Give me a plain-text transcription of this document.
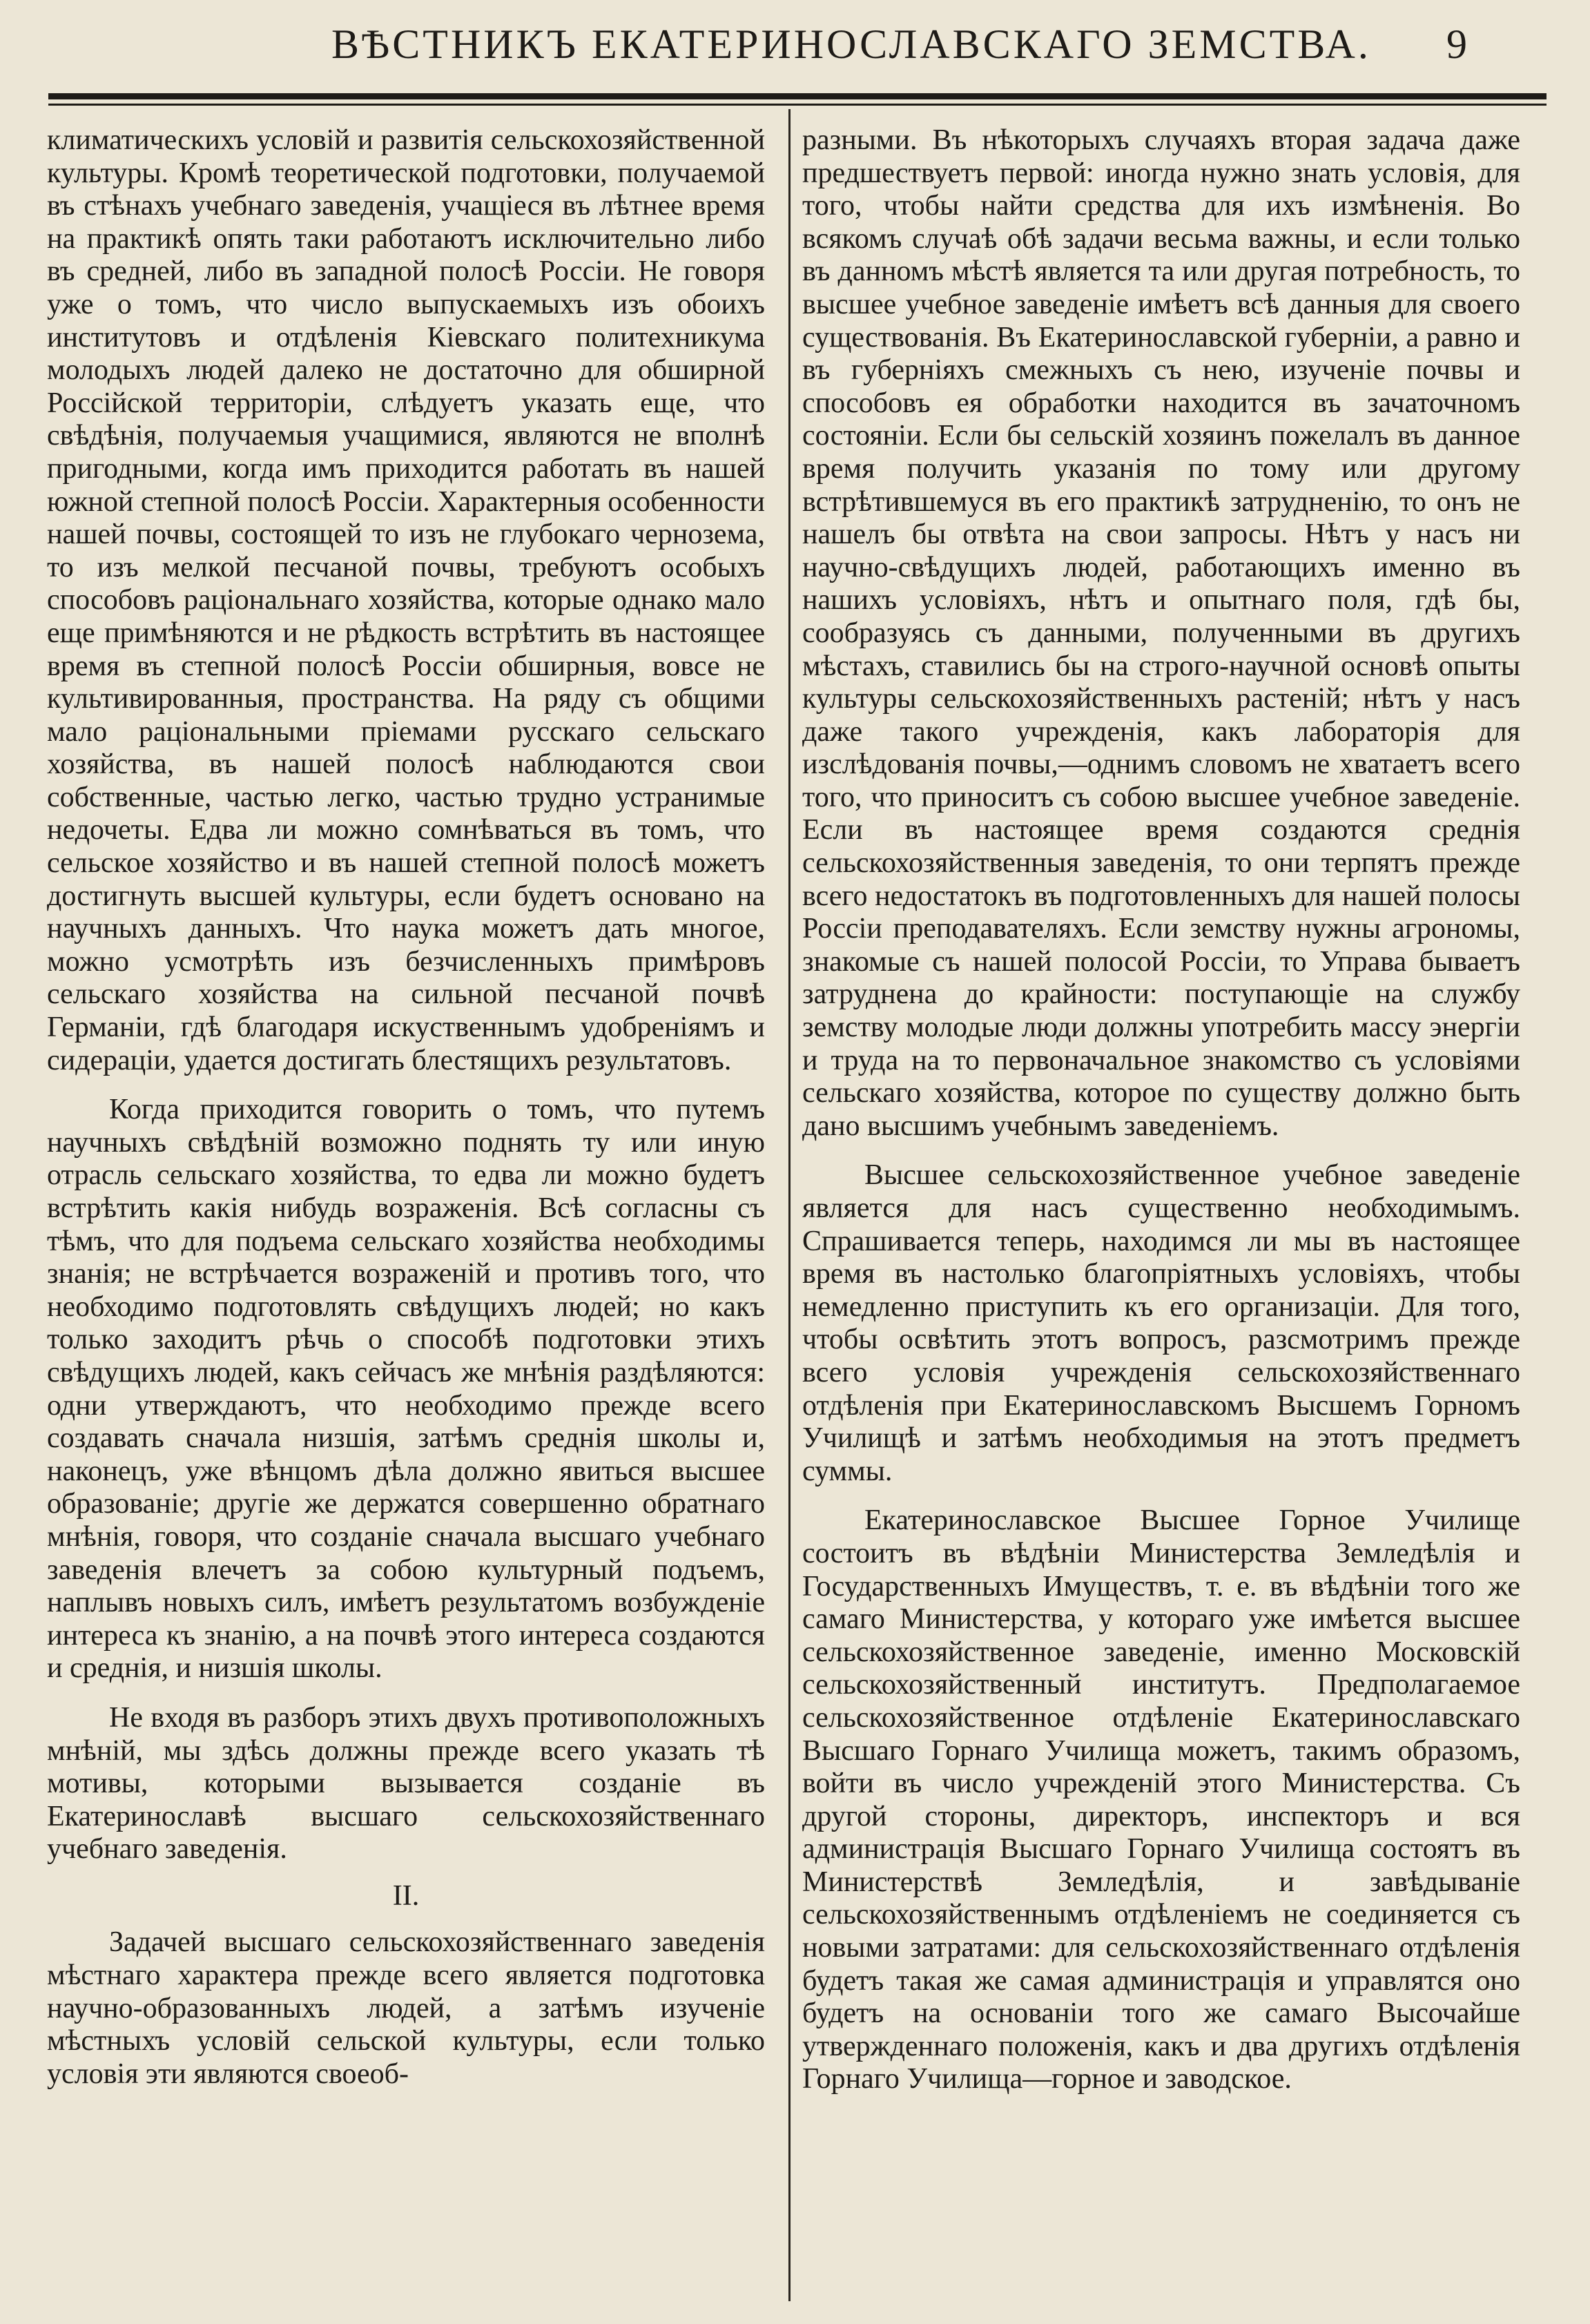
ВѢСТНИКЪ ЕКАТЕРИНОСЛАВСКАГО ЗЕМСТВА. 9

климатическихъ условій и развитія сельскохозяйственной культуры. Кромѣ теоретической подготовки, получаемой въ стѣнахъ учебнаго заведенія, учащіеся въ лѣтнее время на практикѣ опять таки работаютъ исключительно либо въ средней, либо въ западной полосѣ Россіи. Не говоря уже о томъ, что число выпускаемыхъ изъ обоихъ институтовъ и отдѣленія Кіевскаго политехникума молодыхъ людей далеко не достаточно для обширной Россійской территоріи, слѣдуетъ указать еще, что свѣдѣнія, получаемыя учащимися, являются не вполнѣ пригодными, когда имъ приходится работать въ нашей южной степной полосѣ Россіи. Характерныя особенности нашей почвы, состоящей то изъ не глубокаго чернозема, то изъ мелкой песчаной почвы, требуютъ особыхъ способовъ раціональнаго хозяйства, которые однако мало еще примѣняются и не рѣдкость встрѣтить въ настоящее время въ степной полосѣ Россіи обширныя, вовсе не культивированныя, пространства. На ряду съ общими мало раціональными пріемами русскаго сельскаго хозяйства, въ нашей полосѣ наблюдаются свои собственные, частью легко, частью трудно устранимые недочеты. Едва ли можно сомнѣваться въ томъ, что сельское хозяйство и въ нашей степной полосѣ можетъ достигнуть высшей культуры, если будетъ основано на научныхъ данныхъ. Что наука можетъ дать многое, можно усмотрѣть изъ безчисленныхъ примѣровъ сельскаго хозяйства на сильной песчаной почвѣ Германіи, гдѣ благодаря искуственнымъ удобреніямъ и сидераціи, удается достигать блестящихъ результатовъ.

Когда приходится говорить о томъ, что путемъ научныхъ свѣдѣній возможно поднять ту или иную отрасль сельскаго хозяйства, то едва ли можно будетъ встрѣтить какія нибудь возраженія. Всѣ согласны съ тѣмъ, что для подъема сельскаго хозяйства необходимы знанія; не встрѣчается возраженій и противъ того, что необходимо подготовлять свѣдущихъ людей; но какъ только заходитъ рѣчь о способѣ подготовки этихъ свѣдущихъ людей, какъ сейчасъ же мнѣнія раздѣляются: одни утверждаютъ, что необходимо прежде всего создавать сначала низшія, затѣмъ среднія школы и, наконецъ, уже вѣнцомъ дѣла должно явиться высшее образованіе; другіе же держатся совершенно обратнаго мнѣнія, говоря, что созданіе сначала высшаго учебнаго заведенія влечетъ за собою культурный подъемъ, наплывъ новыхъ силъ, имѣетъ результатомъ возбужденіе интереса къ знанію, а на почвѣ этого интереса создаются и среднія, и низшія школы.

Не входя въ разборъ этихъ двухъ противоположныхъ мнѣній, мы здѣсь должны прежде всего указать тѣ мотивы, которыми вызывается созданіе въ Екатеринославѣ высшаго сельскохозяйственнаго учебнаго заведенія.

II.

Задачей высшаго сельскохозяйственнаго заведенія мѣстнаго характера прежде всего является подготовка научно-образованныхъ людей, а затѣмъ изученіе мѣстныхъ условій сельской культуры, если только условія эти являются своеоб-

разными. Въ нѣкоторыхъ случаяхъ вторая задача даже предшествуетъ первой: иногда нужно знать условія, для того, чтобы найти средства для ихъ измѣненія. Во всякомъ случаѣ обѣ задачи весьма важны, и если только въ данномъ мѣстѣ является та или другая потребность, то высшее учебное заведеніе имѣетъ всѣ данныя для своего существованія. Въ Екатеринославской губерніи, а равно и въ губерніяхъ смежныхъ съ нею, изученіе почвы и способовъ ея обработки находится въ зачаточномъ состояніи. Если бы сельскій хозяинъ пожелалъ въ данное время получить указанія по тому или другому встрѣтившемуся въ его практикѣ затрудненію, то онъ не нашелъ бы отвѣта на свои запросы. Нѣтъ у насъ ни научно-свѣдущихъ людей, работающихъ именно въ нашихъ условіяхъ, нѣтъ и опытнаго поля, гдѣ бы, сообразуясь съ данными, полученными въ другихъ мѣстахъ, ставились бы на строго-научной основѣ опыты культуры сельскохозяйственныхъ растеній; нѣтъ у насъ даже такого учрежденія, какъ лабораторія для изслѣдованія почвы,—однимъ словомъ не хватаетъ всего того, что приноситъ съ собою высшее учебное заведеніе. Если въ настоящее время создаются среднія сельскохозяйственныя заведенія, то они терпятъ прежде всего недостатокъ въ подготовленныхъ для нашей полосы Россіи преподавателяхъ. Если земству нужны агрономы, знакомые съ нашей полосой Россіи, то Управа бываетъ затруднена до крайности: поступающіе на службу земству молодые люди должны употребить массу энергіи и труда на то первоначальное знакомство съ условіями сельскаго хозяйства, которое по существу должно быть дано высшимъ учебнымъ заведеніемъ.

Высшее сельскохозяйственное учебное заведеніе является для насъ существенно необходимымъ. Спрашивается теперь, находимся ли мы въ настоящее время въ настолько благопріятныхъ условіяхъ, чтобы немедленно приступить къ его организаціи. Для того, чтобы освѣтить этотъ вопросъ, разсмотримъ прежде всего условія учрежденія сельскохозяйственнаго отдѣленія при Екатеринославскомъ Высшемъ Горномъ Училищѣ и затѣмъ необходимыя на этотъ предметъ суммы.

Екатеринославское Высшее Горное Училище состоитъ въ вѣдѣніи Министерства Земледѣлія и Государственныхъ Имуществъ, т. е. въ вѣдѣніи того же самаго Министерства, у котораго уже имѣется высшее сельскохозяйственное заведеніе, именно Московскій сельскохозяйственный институтъ. Предполагаемое сельскохозяйственное отдѣленіе Екатеринославскаго Высшаго Горнаго Училища можетъ, такимъ образомъ, войти въ число учрежденій этого Министерства. Съ другой стороны, директоръ, инспекторъ и вся администрація Высшаго Горнаго Училища состоятъ въ Министерствѣ Земледѣлія, и завѣдываніе сельскохозяйственнымъ отдѣленіемъ не соединяется съ новыми затратами: для сельскохозяйственнаго отдѣленія будетъ такая же самая администрація и управлятся оно будетъ на основаніи того же самаго Высочайше утвержденнаго положенія, какъ и два другихъ отдѣленія Горнаго Училища—горное и заводское.
